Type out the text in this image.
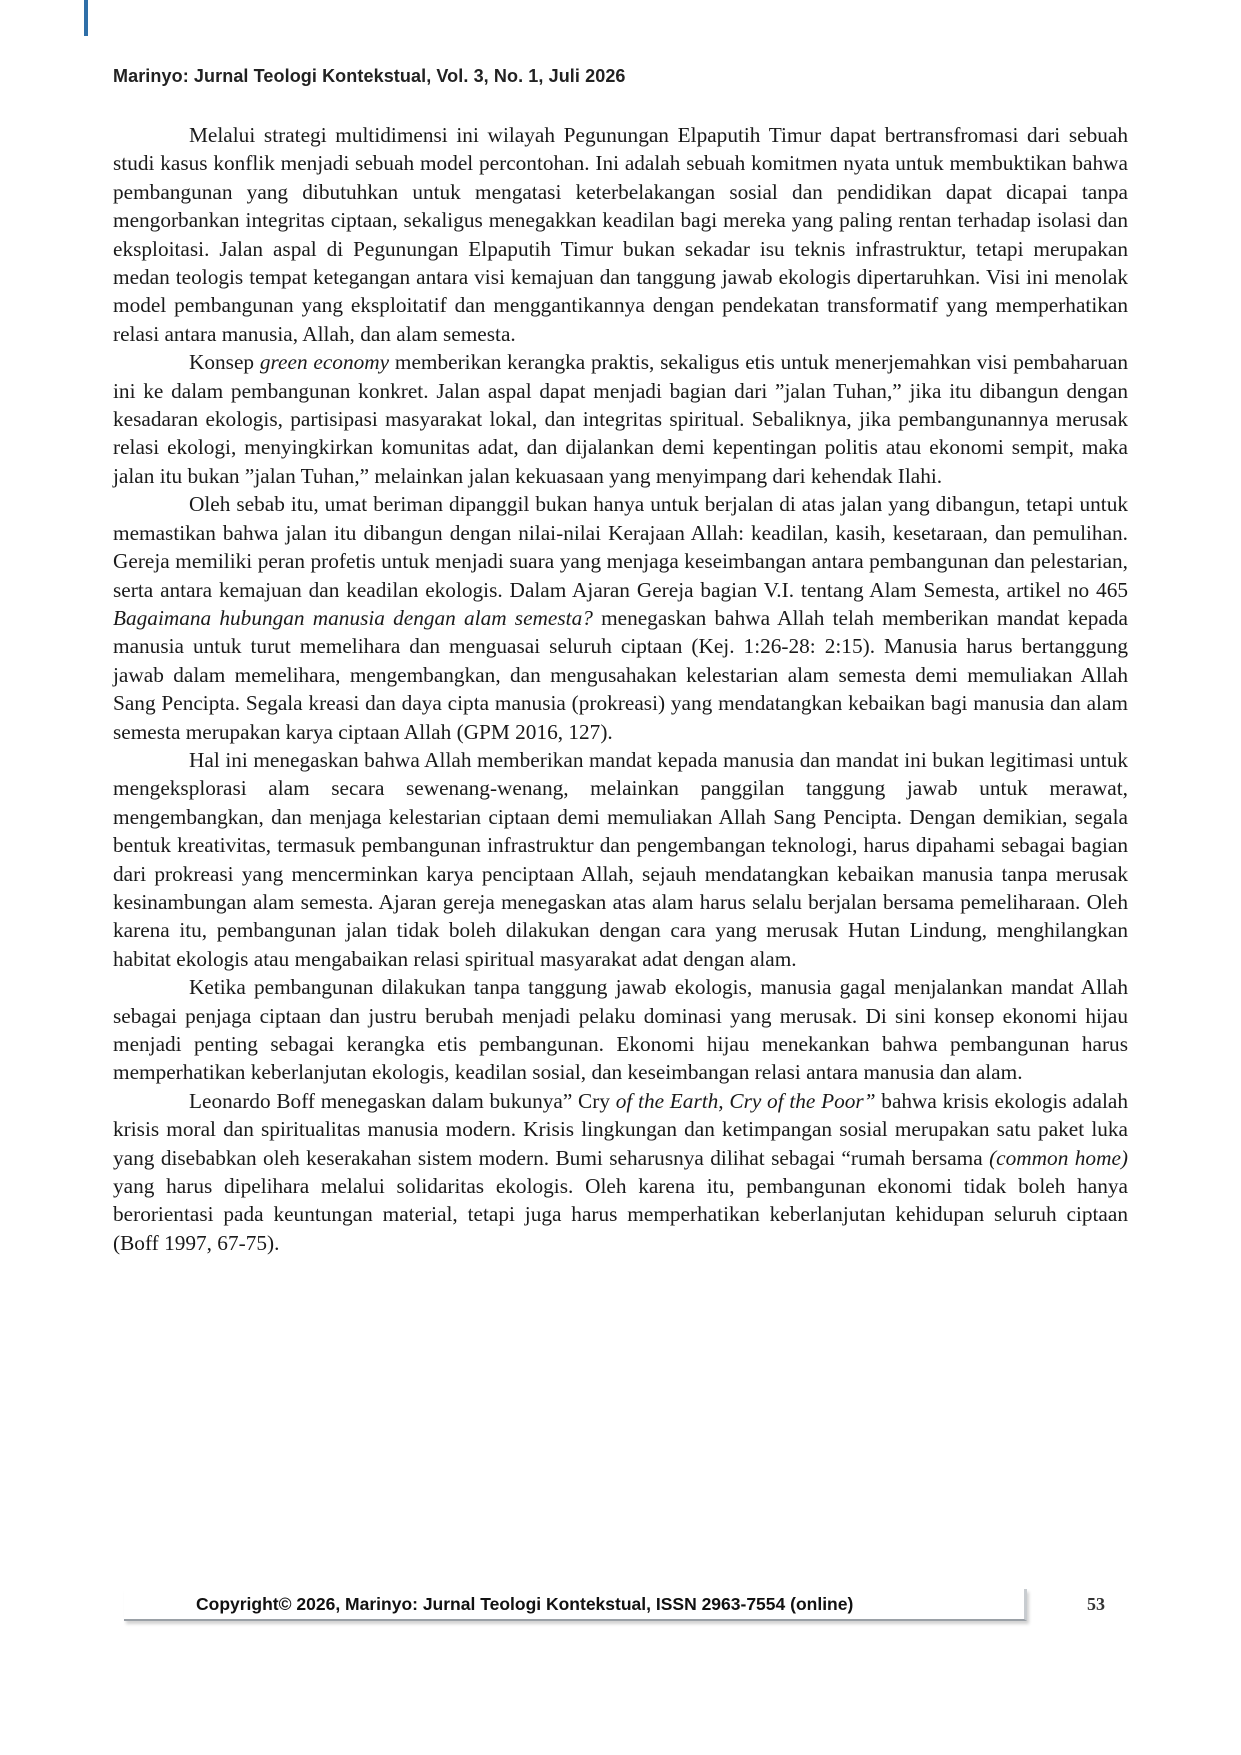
Marinyo: Jurnal Teologi Kontekstual, Vol. 3, No. 1, Juli 2026

Melalui strategi multidimensi ini wilayah Pegunungan Elpaputih Timur dapat bertransfromasi dari sebuah studi kasus konflik menjadi sebuah model percontohan. Ini adalah sebuah komitmen nyata untuk membuktikan bahwa pembangunan yang dibutuhkan untuk mengatasi keterbelakangan sosial dan pendidikan dapat dicapai tanpa mengorbankan integritas ciptaan, sekaligus menegakkan keadilan bagi mereka yang paling rentan terhadap isolasi dan eksploitasi. Jalan aspal di Pegunungan Elpaputih Timur bukan sekadar isu teknis infrastruktur, tetapi merupakan medan teologis tempat ketegangan antara visi kemajuan dan tanggung jawab ekologis dipertaruhkan. Visi ini menolak model pembangunan yang eksploitatif dan menggantikannya dengan pendekatan transformatif yang memperhatikan relasi antara manusia, Allah, dan alam semesta.

Konsep green economy memberikan kerangka praktis, sekaligus etis untuk menerjemahkan visi pembaharuan ini ke dalam pembangunan konkret. Jalan aspal dapat menjadi bagian dari ”jalan Tuhan,” jika itu dibangun dengan kesadaran ekologis, partisipasi masyarakat lokal, dan integritas spiritual. Sebaliknya, jika pembangunannya merusak relasi ekologi, menyingkirkan komunitas adat, dan dijalankan demi kepentingan politis atau ekonomi sempit, maka jalan itu bukan ”jalan Tuhan,” melainkan jalan kekuasaan yang menyimpang dari kehendak Ilahi.

Oleh sebab itu, umat beriman dipanggil bukan hanya untuk berjalan di atas jalan yang dibangun, tetapi untuk memastikan bahwa jalan itu dibangun dengan nilai-nilai Kerajaan Allah: keadilan, kasih, kesetaraan, dan pemulihan. Gereja memiliki peran profetis untuk menjadi suara yang menjaga keseimbangan antara pembangunan dan pelestarian, serta antara kemajuan dan keadilan ekologis. Dalam Ajaran Gereja bagian V.I. tentang Alam Semesta, artikel no 465 Bagaimana hubungan manusia dengan alam semesta? menegaskan bahwa Allah telah memberikan mandat kepada manusia untuk turut memelihara dan menguasai seluruh ciptaan (Kej. 1:26-28: 2:15). Manusia harus bertanggung jawab dalam memelihara, mengembangkan, dan mengusahakan kelestarian alam semesta demi memuliakan Allah Sang Pencipta. Segala kreasi dan daya cipta manusia (prokreasi) yang mendatangkan kebaikan bagi manusia dan alam semesta merupakan karya ciptaan Allah (GPM 2016, 127).

Hal ini menegaskan bahwa Allah memberikan mandat kepada manusia dan mandat ini bukan legitimasi untuk mengeksplorasi alam secara sewenang-wenang, melainkan panggilan tanggung jawab untuk merawat, mengembangkan, dan menjaga kelestarian ciptaan demi memuliakan Allah Sang Pencipta. Dengan demikian, segala bentuk kreativitas, termasuk pembangunan infrastruktur dan pengembangan teknologi, harus dipahami sebagai bagian dari prokreasi yang mencerminkan karya penciptaan Allah, sejauh mendatangkan kebaikan manusia tanpa merusak kesinambungan alam semesta. Ajaran gereja menegaskan atas alam harus selalu berjalan bersama pemeliharaan. Oleh karena itu, pembangunan jalan tidak boleh dilakukan dengan cara yang merusak Hutan Lindung, menghilangkan habitat ekologis atau mengabaikan relasi spiritual masyarakat adat dengan alam.

Ketika pembangunan dilakukan tanpa tanggung jawab ekologis, manusia gagal menjalankan mandat Allah sebagai penjaga ciptaan dan justru berubah menjadi pelaku dominasi yang merusak. Di sini konsep ekonomi hijau menjadi penting sebagai kerangka etis pembangunan. Ekonomi hijau menekankan bahwa pembangunan harus memperhatikan keberlanjutan ekologis, keadilan sosial, dan keseimbangan relasi antara manusia dan alam.

Leonardo Boff menegaskan dalam bukunya” Cry of the Earth, Cry of the Poor” bahwa krisis ekologis adalah krisis moral dan spiritualitas manusia modern. Krisis lingkungan dan ketimpangan sosial merupakan satu paket luka yang disebabkan oleh keserakahan sistem modern. Bumi seharusnya dilihat sebagai “rumah bersama (common home) yang harus dipelihara melalui solidaritas ekologis. Oleh karena itu, pembangunan ekonomi tidak boleh hanya berorientasi pada keuntungan material, tetapi juga harus memperhatikan keberlanjutan kehidupan seluruh ciptaan (Boff 1997, 67-75).

Copyright© 2026, Marinyo: Jurnal Teologi Kontekstual, ISSN 2963-7554 (online)	53
